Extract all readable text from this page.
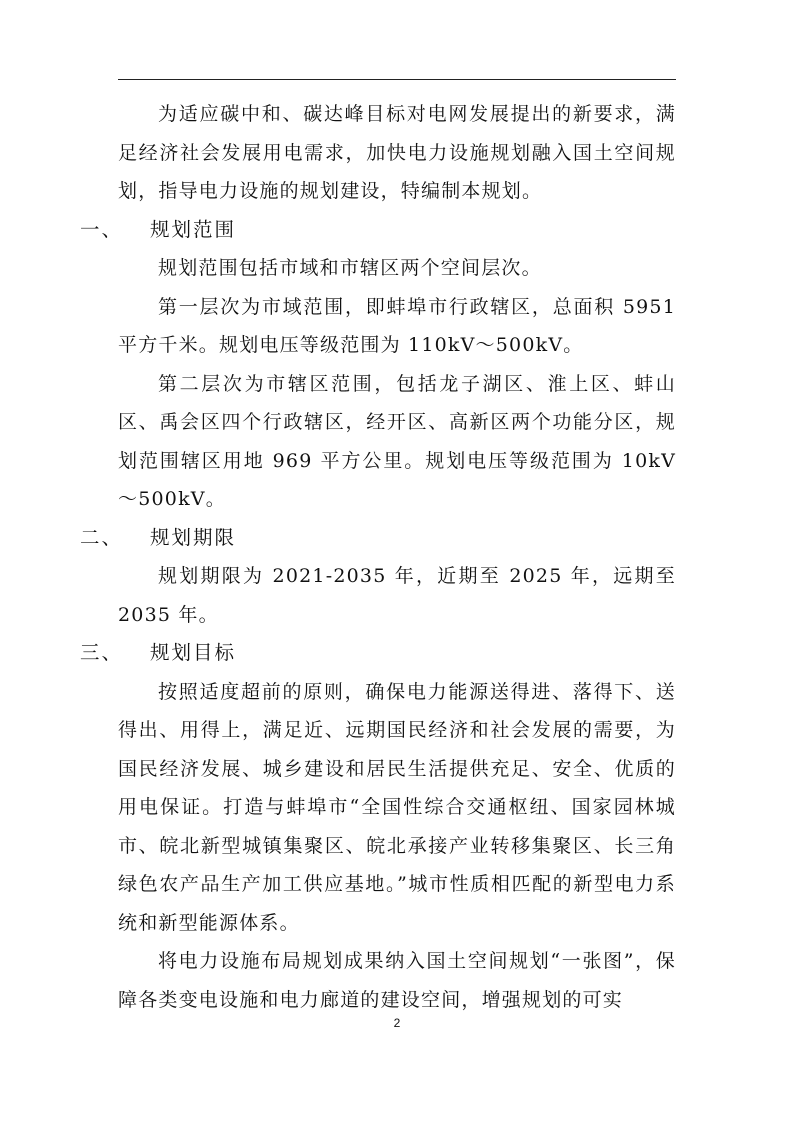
为适应碳中和、碳达峰目标对电网发展提出的新要求，满足经济社会发展用电需求，加快电力设施规划融入国土空间规划，指导电力设施的规划建设，特编制本规划。

一、 规划范围

规划范围包括市域和市辖区两个空间层次。

第一层次为市域范围，即蚌埠市行政辖区，总面积 5951 平方千米。规划电压等级范围为 110kV～500kV。

第二层次为市辖区范围，包括龙子湖区、淮上区、蚌山区、禹会区四个行政辖区，经开区、高新区两个功能分区，规划范围辖区用地 969 平方公里。规划电压等级范围为 10kV～500kV。

二、 规划期限

规划期限为 2021-2035 年，近期至 2025 年，远期至 2035 年。

三、 规划目标

按照适度超前的原则，确保电力能源送得进、落得下、送得出、用得上，满足近、远期国民经济和社会发展的需要，为国民经济发展、城乡建设和居民生活提供充足、安全、优质的用电保证。打造与蚌埠市“全国性综合交通枢纽、国家园林城市、皖北新型城镇集聚区、皖北承接产业转移集聚区、长三角绿色农产品生产加工供应基地。”城市性质相匹配的新型电力系统和新型能源体系。

将电力设施布局规划成果纳入国土空间规划“一张图”，保障各类变电设施和电力廊道的建设空间，增强规划的可实

2
